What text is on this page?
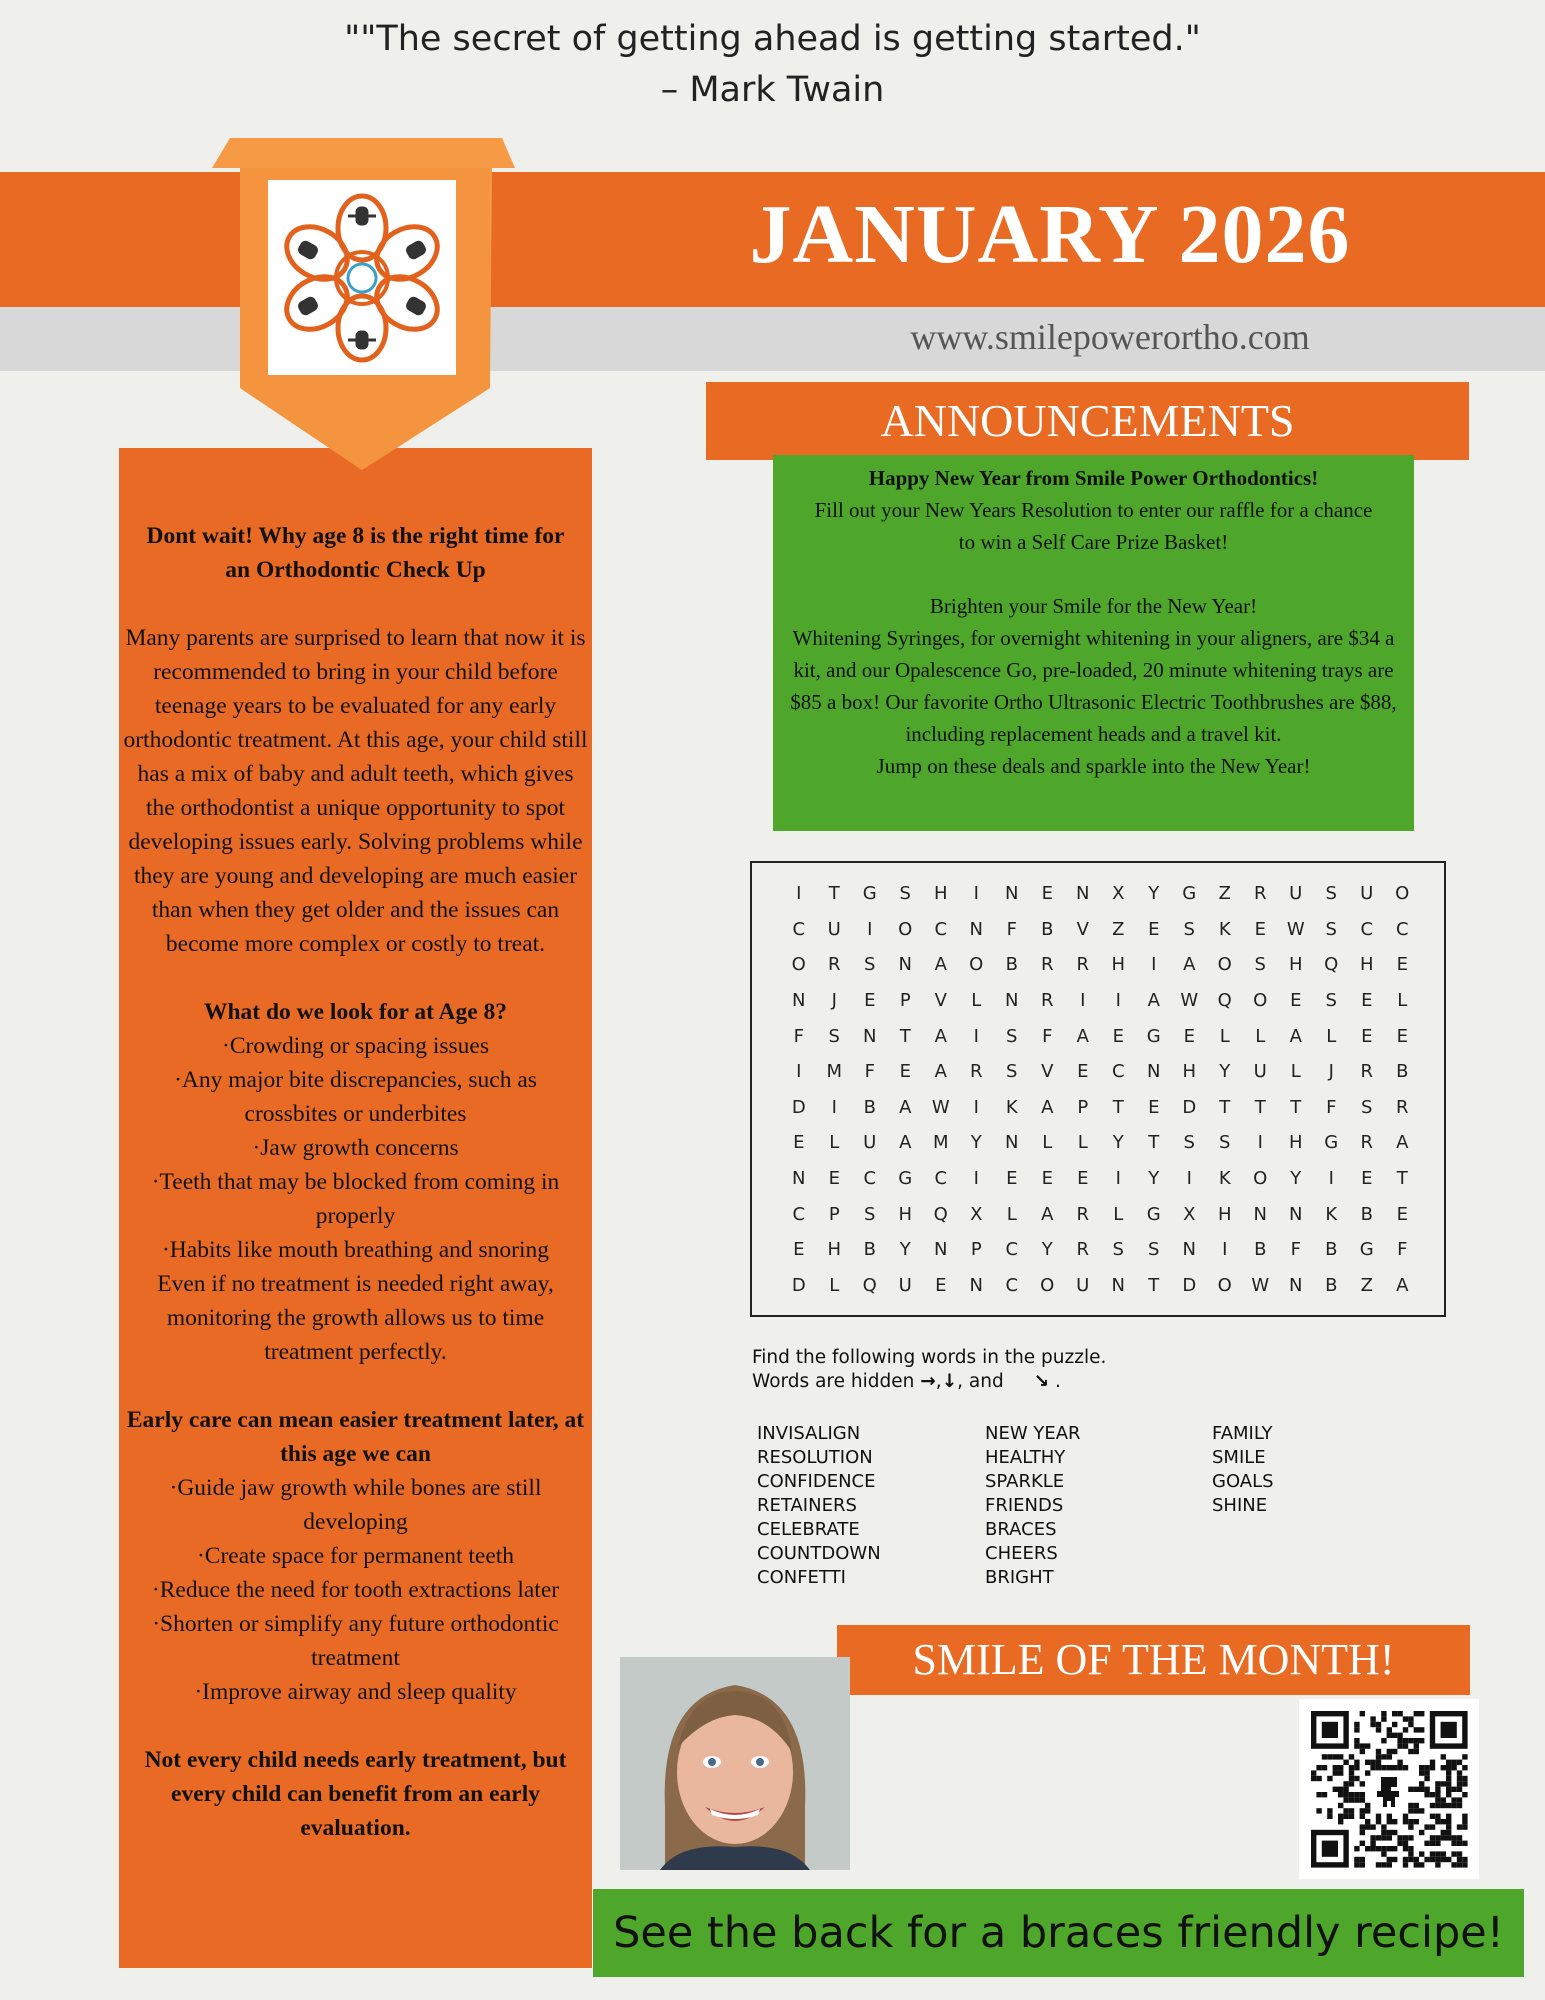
""The secret of getting ahead is getting started."
– Mark Twain
JANUARY 2026
www.smilepowerortho.com

Dont wait! Why age 8 is the right time for an Orthodontic Check Up

Many parents are surprised to learn that now it is recommended to bring in your child before teenage years to be evaluated for any early orthodontic treatment. At this age, your child still has a mix of baby and adult teeth, which gives the orthodontist a unique opportunity to spot developing issues early. Solving problems while they are young and developing are much easier than when they get older and the issues can become more complex or costly to treat.

What do we look for at Age 8?

·Crowding or spacing issues

·Any major bite discrepancies, such as crossbites or underbites

·Jaw growth concerns

·Teeth that may be blocked from coming in properly

·Habits like mouth breathing and snoring

Even if no treatment is needed right away, monitoring the growth allows us to time treatment perfectly.

Early care can mean easier treatment later, at this age we can

·Guide jaw growth while bones are still developing

·Create space for permanent teeth

·Reduce the need for tooth extractions later

·Shorten or simplify any future orthodontic treatment

·Improve airway and sleep quality

Not every child needs early treatment, but every child can benefit from an early evaluation.

ANNOUNCEMENTS

Happy New Year from Smile Power Orthodontics!

Fill out your New Years Resolution to enter our raffle for a chance to win a Self Care Prize Basket!

Brighten your Smile for the New Year!

Whitening Syringes, for overnight whitening in your aligners, are $34 a kit, and our Opalescence Go, pre-loaded, 20 minute whitening trays are $85 a box! Our favorite Ortho Ultrasonic Electric Toothbrushes are $88, including replacement heads and a travel kit.

Jump on these deals and sparkle into the New Year!

I	T	G	S	H	I	N	E	N	X	Y	G	Z	R	U	S	U	O
C	U	I	O	C	N	F	B	V	Z	E	S	K	E	W	S	C	C
O	R	S	N	A	O	B	R	R	H	I	A	O	S	H	Q	H	E
N	J	E	P	V	L	N	R	I	I	A	W	Q	O	E	S	E	L
F	S	N	T	A	I	S	F	A	E	G	E	L	L	A	L	E	E
I	M	F	E	A	R	S	V	E	C	N	H	Y	U	L	J	R	B
D	I	B	A	W	I	K	A	P	T	E	D	T	T	T	F	S	R
E	L	U	A	M	Y	N	L	L	Y	T	S	S	I	H	G	R	A
N	E	C	G	C	I	E	E	E	I	Y	I	K	O	Y	I	E	T
C	P	S	H	Q	X	L	A	R	L	G	X	H	N	N	K	B	E
E	H	B	Y	N	P	C	Y	R	S	S	N	I	B	F	B	G	F
D	L	Q	U	E	N	C	O	U	N	T	D	O	W	N	B	Z	A
Find the following words in the puzzle.
Words are hidden →,↓, and ↘ .
INVISALIGN
RESOLUTION
CONFIDENCE
RETAINERS
CELEBRATE
COUNTDOWN
CONFETTI
NEW YEAR
HEALTHY
SPARKLE
FRIENDS
BRACES
CHEERS
BRIGHT
FAMILY
SMILE
GOALS
SHINE
SMILE OF THE MONTH!
See the back for a braces friendly recipe!
